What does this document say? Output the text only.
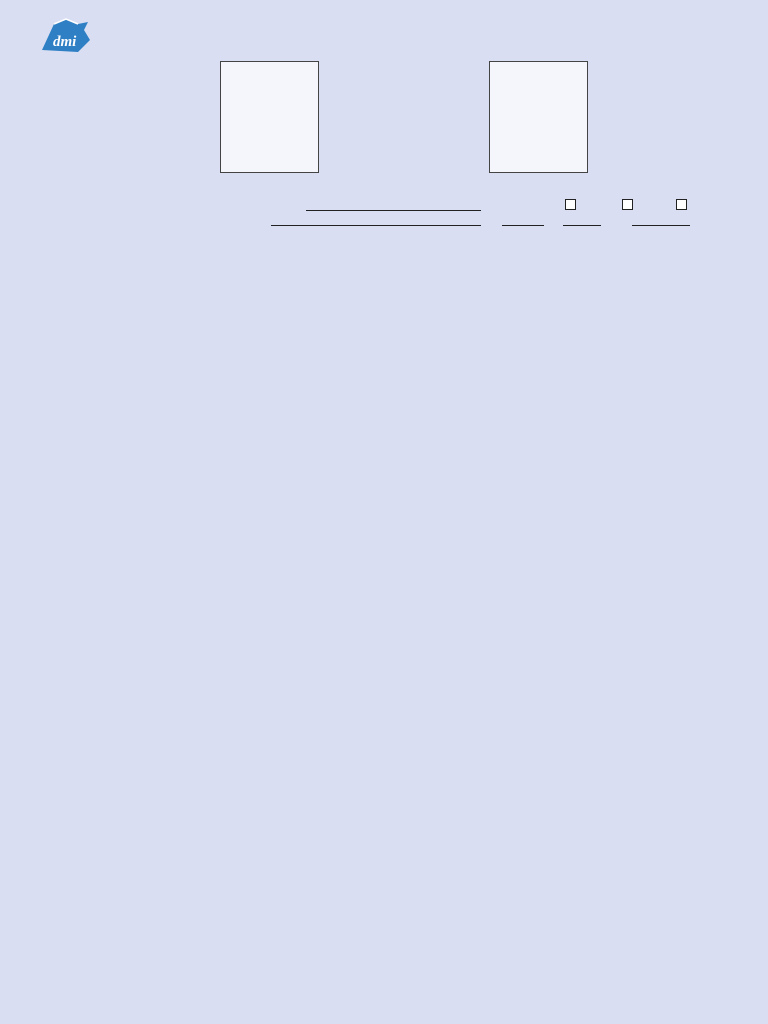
dmi
